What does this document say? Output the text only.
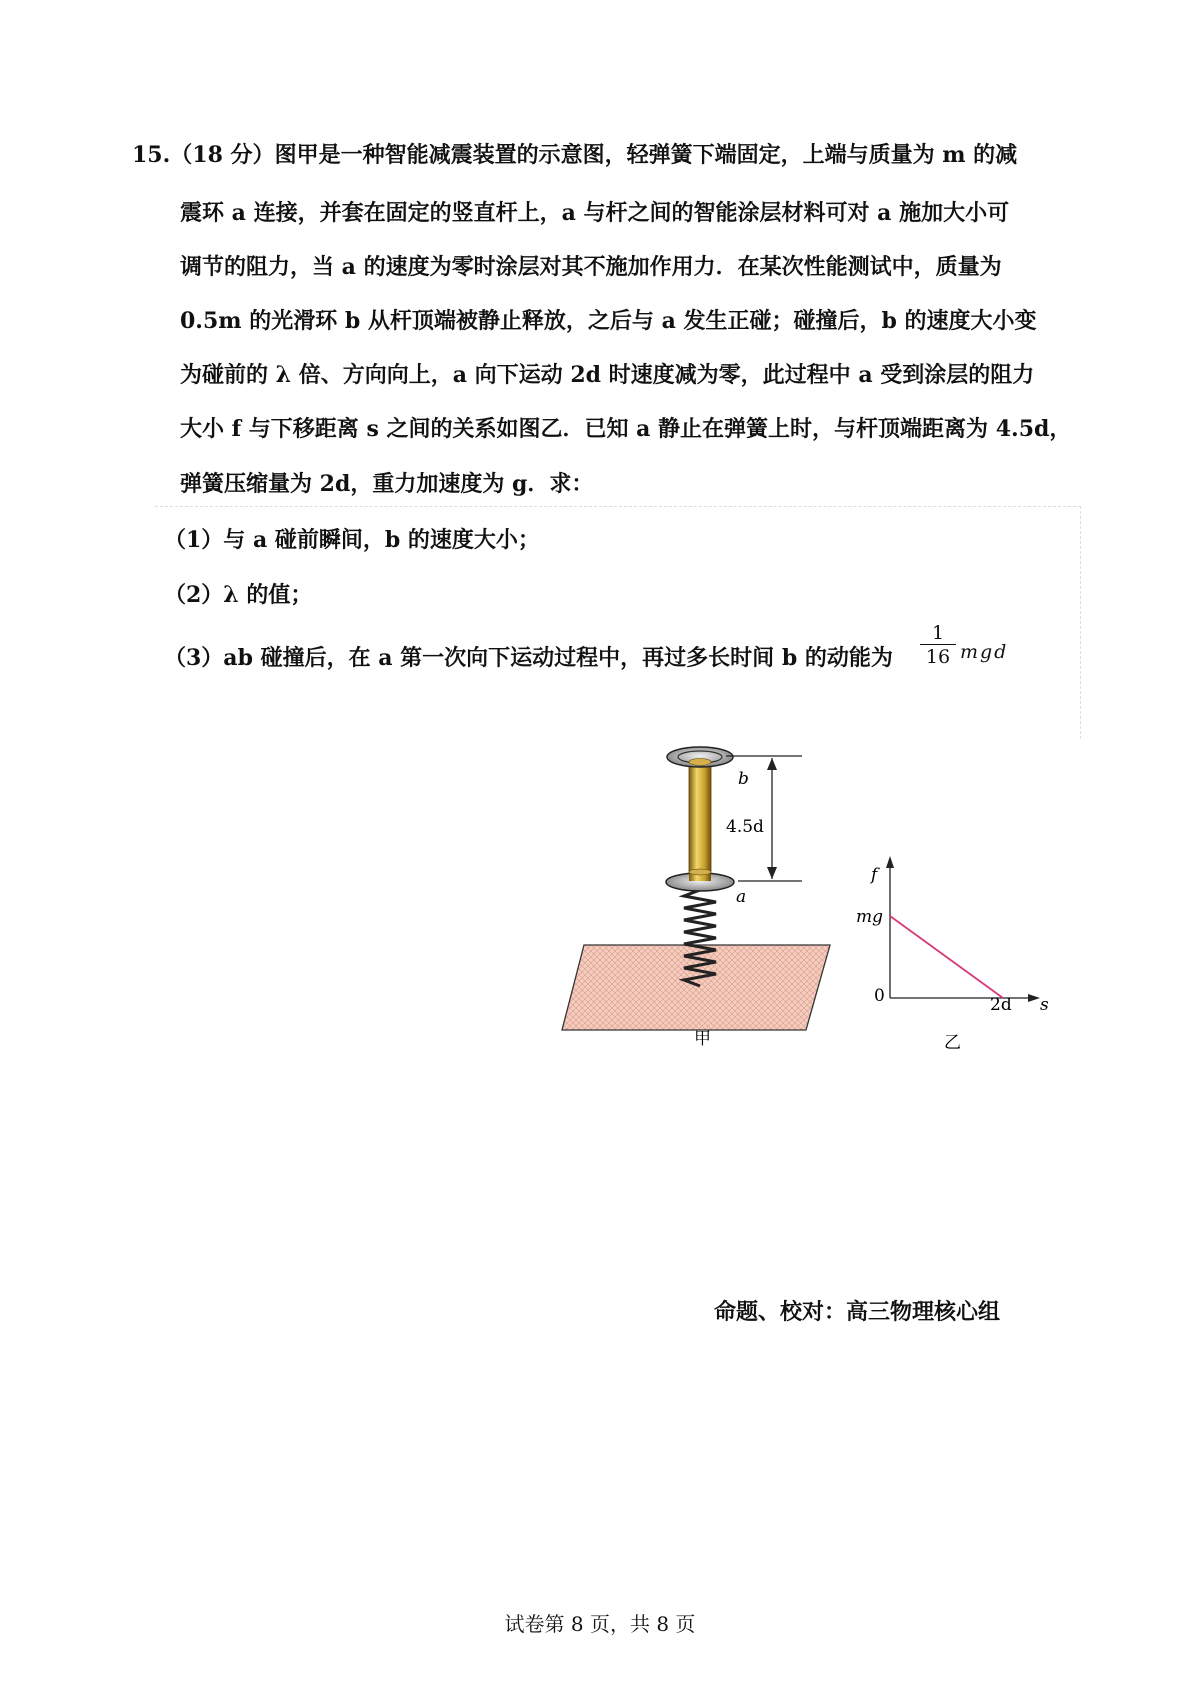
15.（18 分）图甲是一种智能减震装置的示意图，轻弹簧下端固定，上端与质量为 m 的减
震环 a 连接，并套在固定的竖直杆上，a 与杆之间的智能涂层材料可对 a 施加大小可
调节的阻力，当 a 的速度为零时涂层对其不施加作用力．在某次性能测试中，质量为
0.5m 的光滑环 b 从杆顶端被静止释放，之后与 a 发生正碰；碰撞后，b 的速度大小变
为碰前的 λ 倍、方向向上，a 向下运动 2d 时速度减为零，此过程中 a 受到涂层的阻力
大小 f 与下移距离 s 之间的关系如图乙．已知 a 静止在弹簧上时，与杆顶端距离为 4.5d，
弹簧压缩量为 2d，重力加速度为 g．求：
（1）与 a 碰前瞬间，b 的速度大小；
（2）λ 的值；
（3）ab 碰撞后，在 a 第一次向下运动过程中，再过多长时间 b 的动能为
1
16 mgd
b
4.5d
a
甲
f
s
0
mg
2d
乙
命题、校对：高三物理核心组
试卷第 8 页，共 8 页
